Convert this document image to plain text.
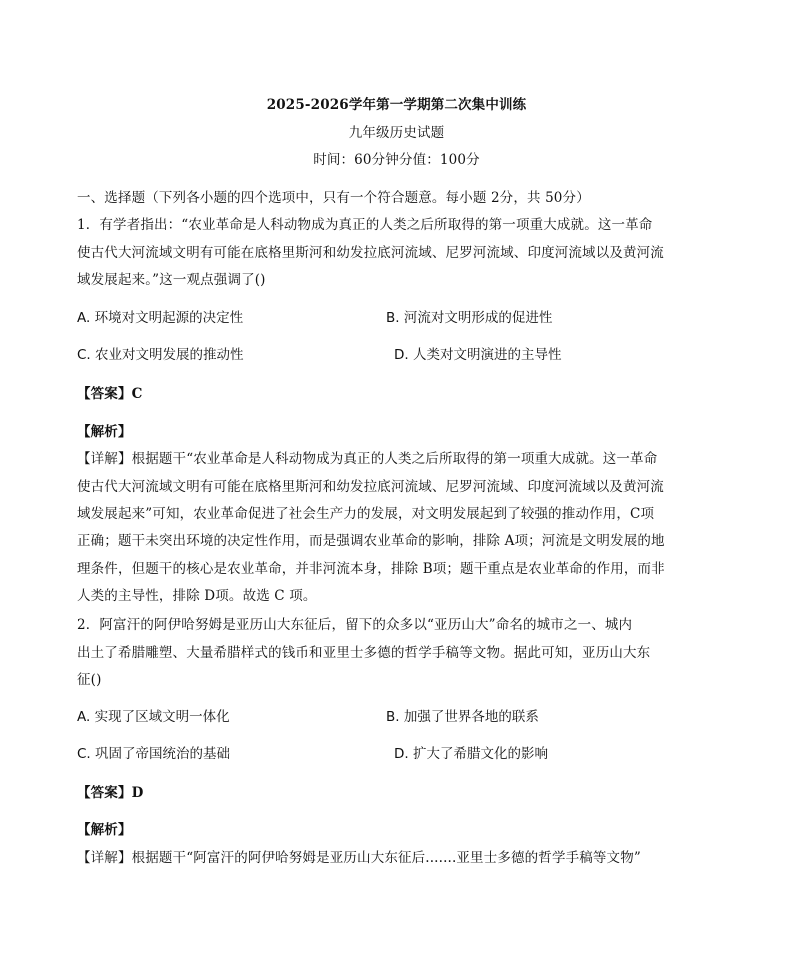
2025-2026学年第一学期第二次集中训练
九年级历史试题
时间：60分钟分值：100分
一、选择题（下列各小题的四个选项中，只有一个符合题意。每小题 2分，共 50分）
1．有学者指出：“农业革命是人科动物成为真正的人类之后所取得的第一项重大成就。这一革命
使古代大河流域文明有可能在底格里斯河和幼发拉底河流域、尼罗河流域、印度河流域以及黄河流
域发展起来。”这一观点强调了()
A. 环境对文明起源的决定性	B. 河流对文明形成的促进性
C. 农业对文明发展的推动性	D. 人类对文明演进的主导性
【答案】C
【解析】
【详解】根据题干“农业革命是人科动物成为真正的人类之后所取得的第一项重大成就。这一革命
使古代大河流域文明有可能在底格里斯河和幼发拉底河流域、尼罗河流域、印度河流域以及黄河流
域发展起来”可知，农业革命促进了社会生产力的发展，对文明发展起到了较强的推动作用，C项
正确；题干未突出环境的决定性作用，而是强调农业革命的影响，排除 A项；河流是文明发展的地
理条件，但题干的核心是农业革命，并非河流本身，排除 B项；题干重点是农业革命的作用，而非
人类的主导性，排除 D项。故选 C 项。
2．阿富汗的阿伊哈努姆是亚历山大东征后，留下的众多以“亚历山大”命名的城市之一、城内
出土了希腊雕塑、大量希腊样式的钱币和亚里士多德的哲学手稿等文物。据此可知，亚历山大东
征()
A. 实现了区域文明一体化	B. 加强了世界各地的联系
C. 巩固了帝国统治的基础	D. 扩大了希腊文化的影响
【答案】D
【解析】
【详解】根据题干“阿富汗的阿伊哈努姆是亚历山大东征后.......亚里士多德的哲学手稿等文物”
